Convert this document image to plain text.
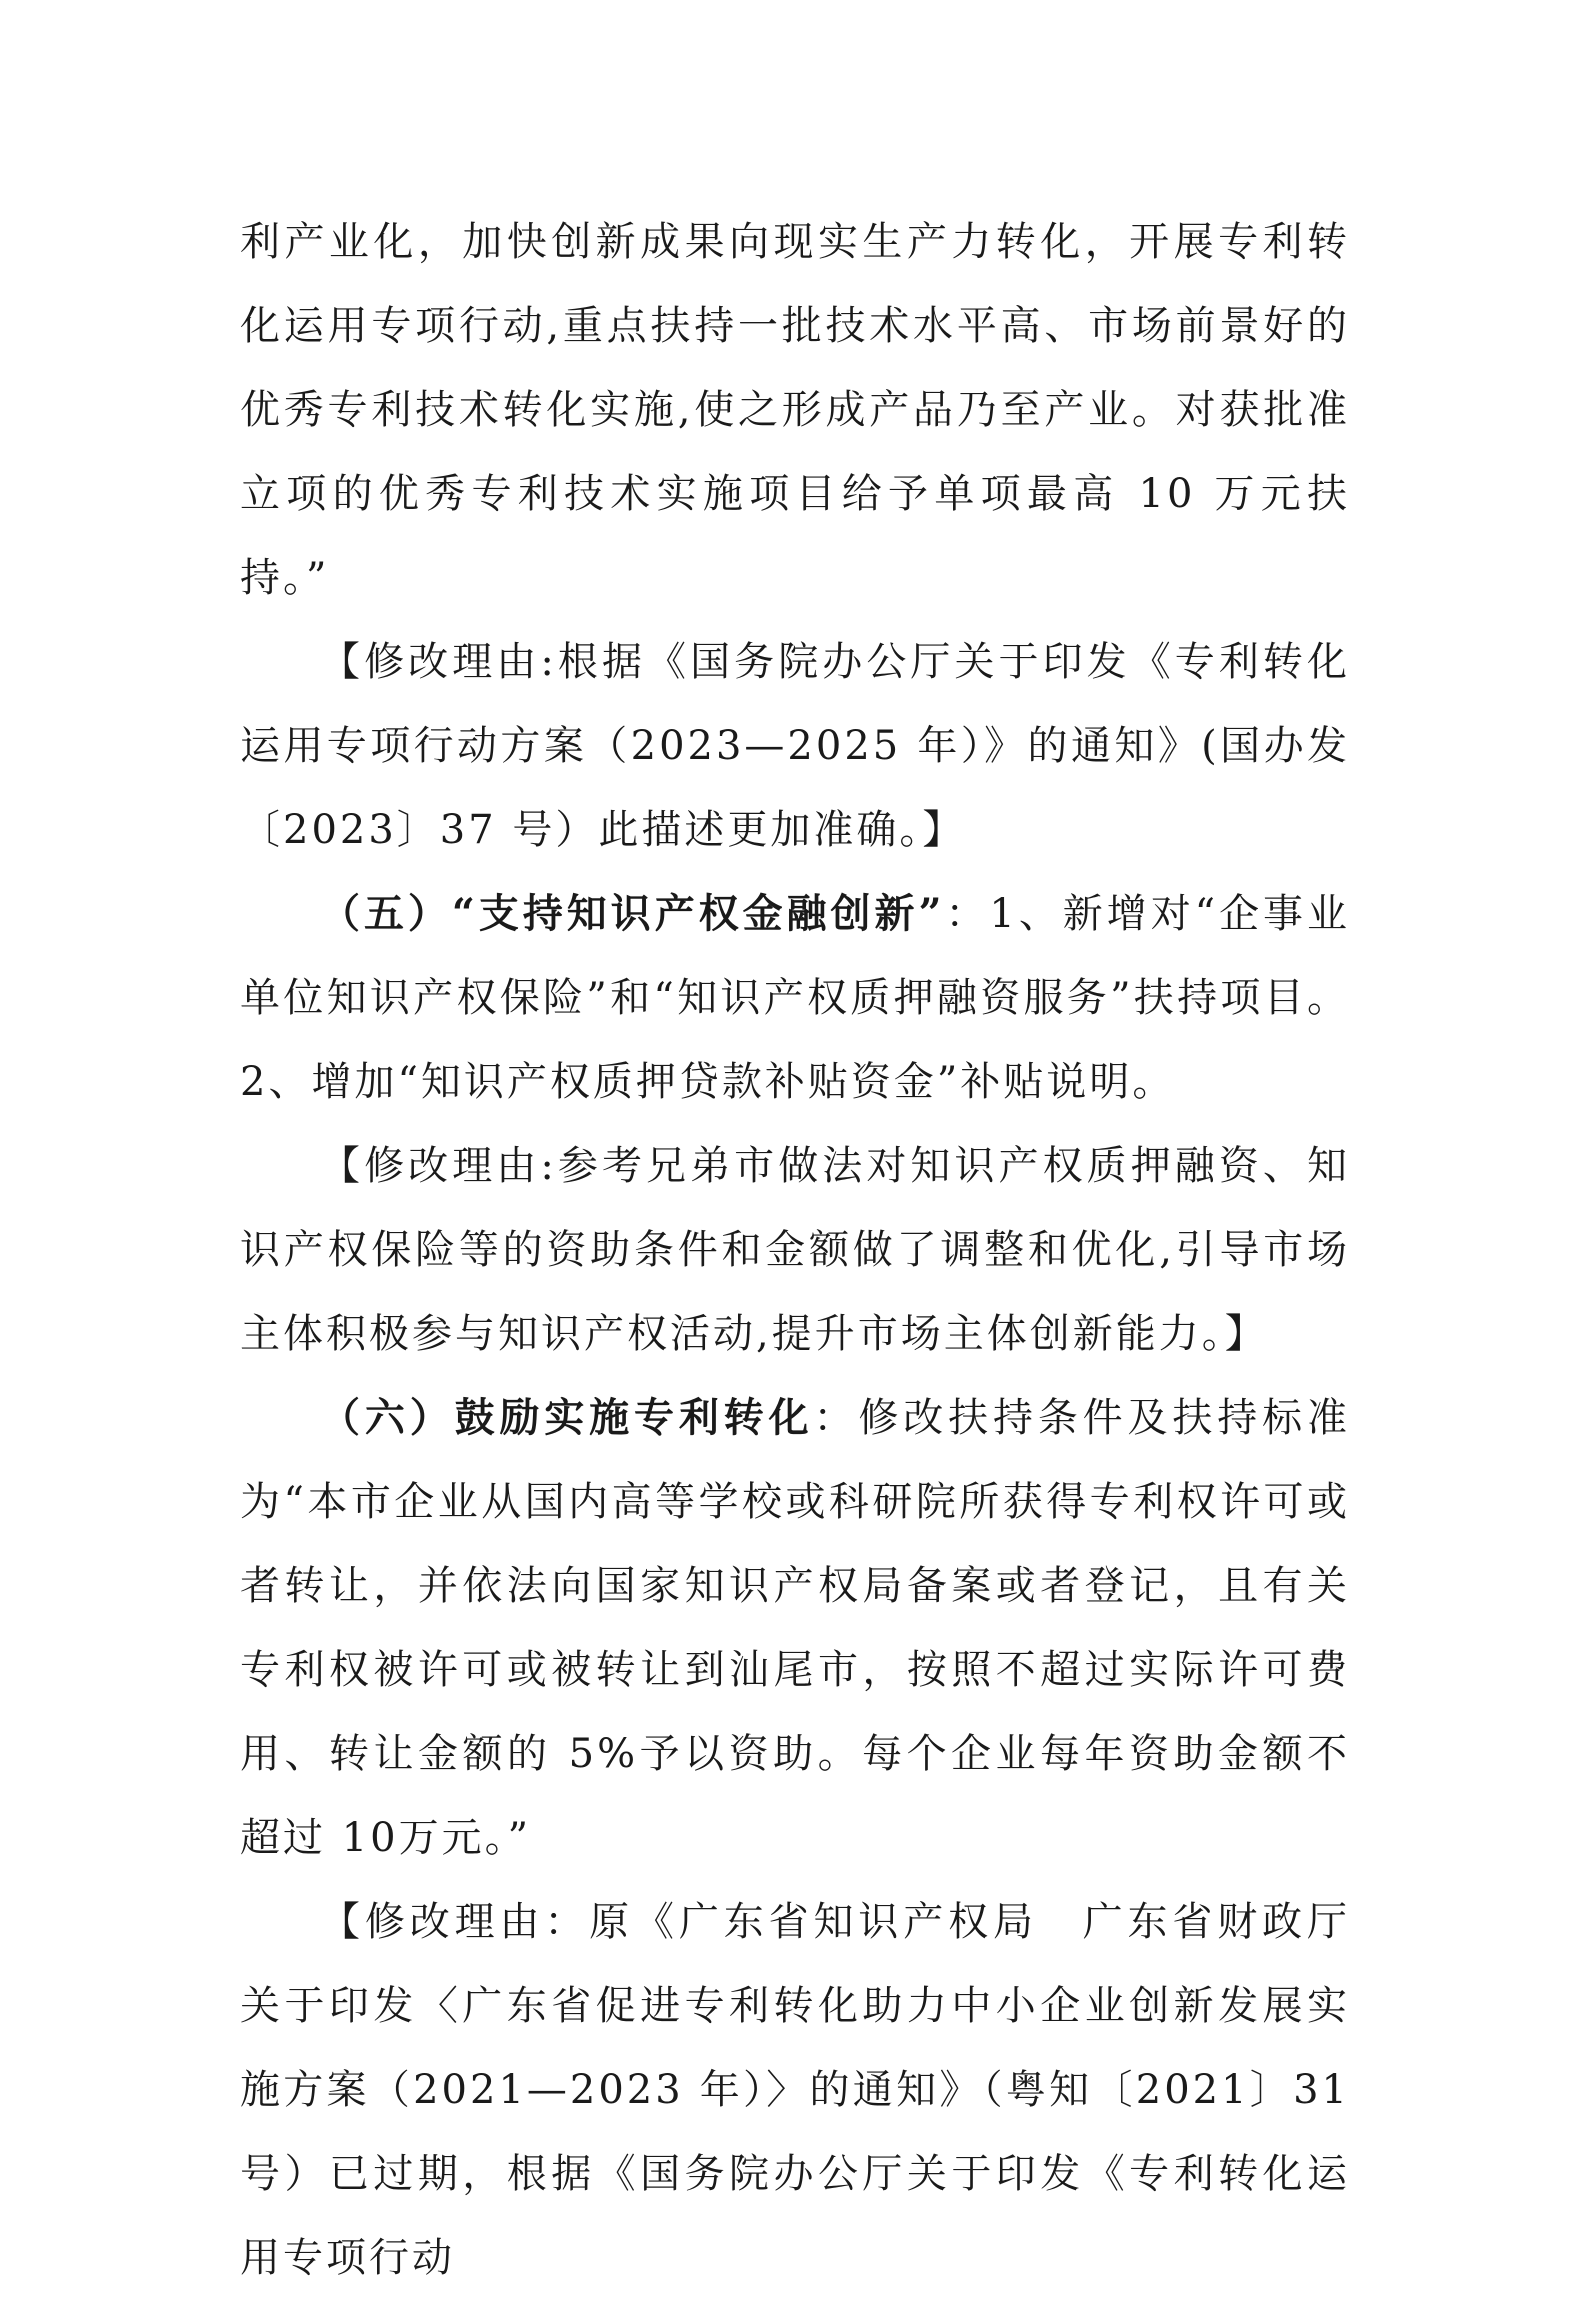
利产业化，加快创新成果向现实生产力转化，开展专利转化运用专项行动,重点扶持一批技术水平高、市场前景好的优秀专利技术转化实施,使之形成产品乃至产业。对获批准立项的优秀专利技术实施项目给予单项最高 10 万元扶持。”

【修改理由:根据《国务院办公厅关于印发《专利转化运用专项行动方案（2023—2025 年）》的通知》(国办发〔2023〕37 号）此描述更加准确。】

（五）“支持知识产权金融创新”：1、新增对“企事业单位知识产权保险”和“知识产权质押融资服务”扶持项目。2、增加“知识产权质押贷款补贴资金”补贴说明。

【修改理由:参考兄弟市做法对知识产权质押融资、知识产权保险等的资助条件和金额做了调整和优化,引导市场主体积极参与知识产权活动,提升市场主体创新能力。】

（六）鼓励实施专利转化：修改扶持条件及扶持标准为“本市企业从国内高等学校或科研院所获得专利权许可或者转让，并依法向国家知识产权局备案或者登记，且有关专利权被许可或被转让到汕尾市，按照不超过实际许可费用、转让金额的 5%予以资助。每个企业每年资助金额不超过 10万元。”

【修改理由：原《广东省知识产权局　广东省财政厅关于印发〈广东省促进专利转化助力中小企业创新发展实施方案（2021—2023 年）〉的通知》（粤知〔2021〕31 号）已过期，根据《国务院办公厅关于印发《专利转化运用专项行动
